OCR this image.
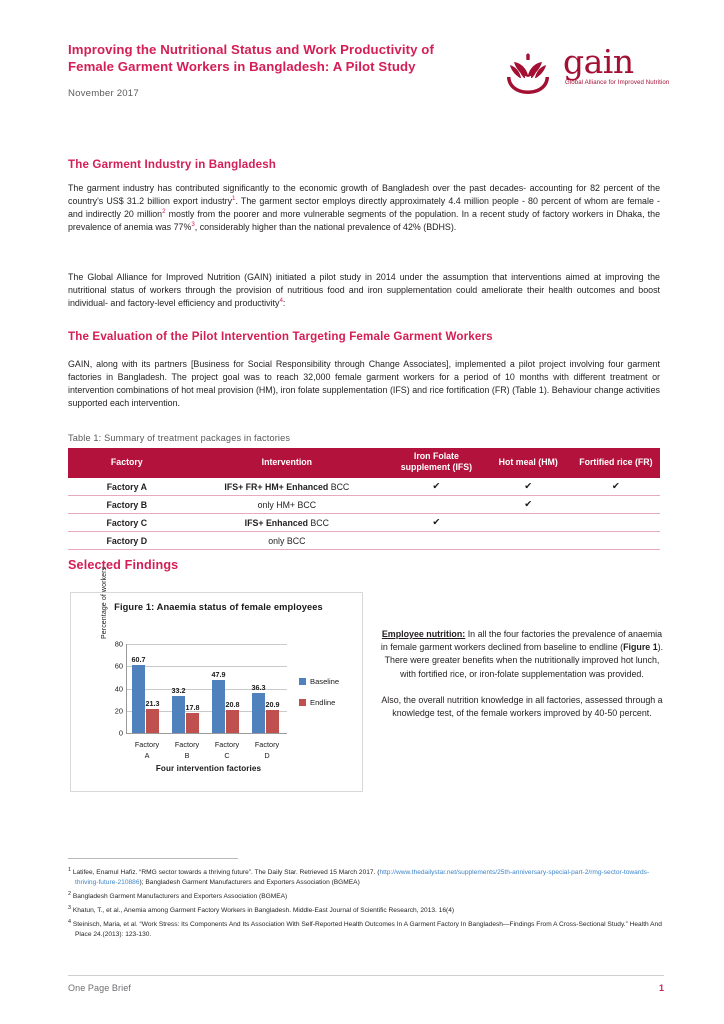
Improving the Nutritional Status and Work Productivity of Female Garment Workers in Bangladesh: A Pilot Study
November 2017
gain
Global Alliance for Improved Nutrition
The Garment Industry in Bangladesh
The garment industry has contributed significantly to the economic growth of Bangladesh over the past decades- accounting for 82 percent of the country's US$ 31.2 billion export industry$^1$. The garment sector employs directly approximately 4.4 million people - 80 percent of whom are female - and indirectly 20 million$^2$ mostly from the poorer and more vulnerable segments of the population. In a recent study of factory workers in Dhaka, the prevalence of anemia was 77%$^3$, considerably higher than the national prevalence of 42% (BDHS).
The Global Alliance for Improved Nutrition (GAIN) initiated a pilot study in 2014 under the assumption that interventions aimed at improving the nutritional status of workers through the provision of nutritious food and iron supplementation could ameliorate their health outcomes and boost individual- and factory-level efficiency and productivity$^4$:
The Evaluation of the Pilot Intervention Targeting Female Garment Workers
GAIN, along with its partners [Business for Social Responsibility through Change Associates], implemented a pilot project involving four garment factories in Bangladesh. The project goal was to reach 32,000 female garment workers for a period of 10 months with different treatment or intervention combinations of hot meal provision (HM), iron folate supplementation (IFS) and rice fortification (FR) (Table 1). Behaviour change activities supported each intervention.
Table 1: Summary of treatment packages in factories
Factory	Intervention	Iron Folate supplement (IFS)	Hot meal (HM)	Fortified rice (FR)
Factory A	IFS+ FR+ HM+ Enhanced BCC	✔	✔	✔
Factory B	only HM+ BCC		✔	
Factory C	IFS+ Enhanced BCC	✔		
Factory D	only BCC			
Selected Findings
Figure 1: Anaemia status of female employees
Percentage of workers
0
20
40
60
80
60.7
21.3
Factory
A
33.2
17.8
Factory
B
47.9
20.8
Factory
C
36.3
20.9
Factory
D
Four intervention factories
Baseline
Endline

Employee nutrition: In all the four factories the prevalence of anaemia in female garment workers declined from baseline to endline (Figure 1). There were greater benefits when the nutritionally improved hot lunch, with fortified rice, or iron-folate supplementation was provided.

Also, the overall nutrition knowledge in all factories, assessed through a knowledge test, of the female workers improved by 40-50 percent.

$^1$ Latifee, Enamul Hafiz. “RMG sector towards a thriving future”. The Daily Star. Retrieved 15 March 2017. (http://www.thedailystar.net/supplements/25th-anniversary-special-part-2/rmg-sector-towards-thriving-future-210886); Bangladesh Garment Manufacturers and Exporters Association (BGMEA)
$^2$ Bangladesh Garment Manufacturers and Exporters Association (BGMEA)
$^3$ Khatun, T., et al., Anemia among Garment Factory Workers in Bangladesh. Middle-East Journal of Scientific Research, 2013. 16(4)
$^4$ Steinisch, Maria, et al. “Work Stress: Its Components And Its Association With Self-Reported Health Outcomes In A Garment Factory In Bangladesh—Findings From A Cross-Sectional Study.” Health And Place 24.(2013): 123-130.
One Page Brief	1
